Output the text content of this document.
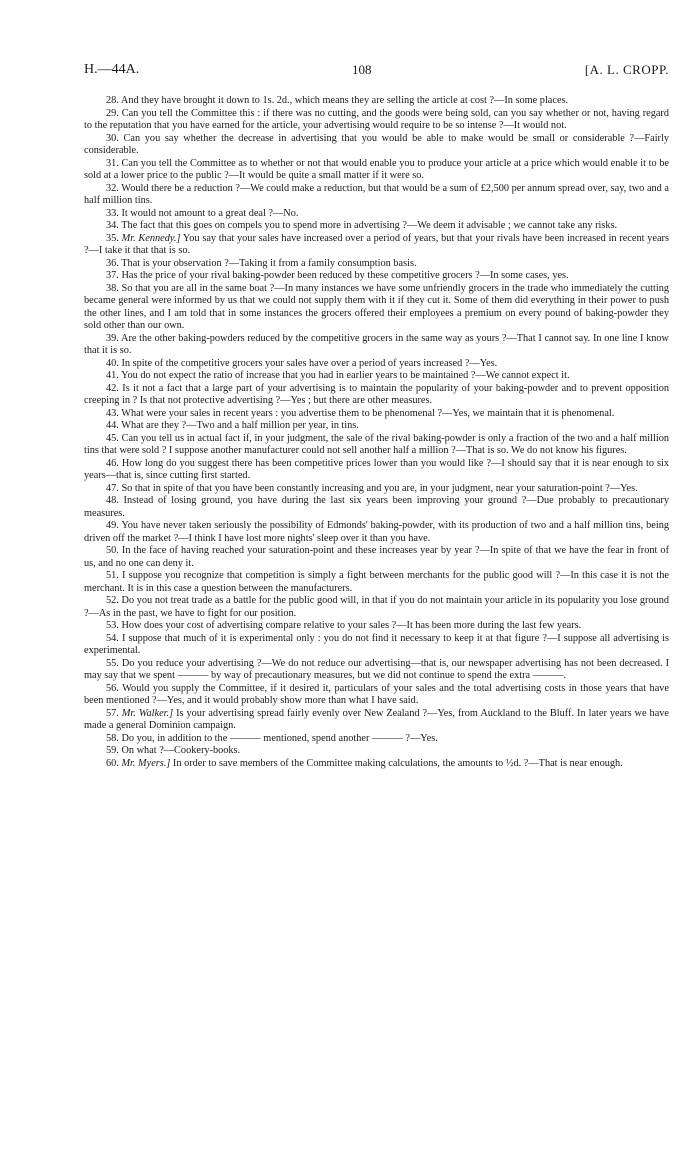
H.—44A.	108	[A. L. CROPP.

28. And they have brought it down to 1s. 2d., which means they are selling the article at cost ?—In some places.

29. Can you tell the Committee this : if there was no cutting, and the goods were being sold, can you say whether or not, having regard to the reputation that you have earned for the article, your advertising would require to be so intense ?—It would not.

30. Can you say whether the decrease in advertising that you would be able to make would be small or considerable ?—Fairly considerable.

31. Can you tell the Committee as to whether or not that would enable you to produce your article at a price which would enable it to be sold at a lower price to the public ?—It would be quite a small matter if it were so.

32. Would there be a reduction ?—We could make a reduction, but that would be a sum of £2,500 per annum spread over, say, two and a half million tins.

33. It would not amount to a great deal ?—No.

34. The fact that this goes on compels you to spend more in advertising ?—We deem it advisable ; we cannot take any risks.

35. Mr. Kennedy.] You say that your sales have increased over a period of years, but that your rivals have been increased in recent years ?—I take it that that is so.

36. That is your observation ?—Taking it from a family consumption basis.

37. Has the price of your rival baking-powder been reduced by these competitive grocers ?—In some cases, yes.

38. So that you are all in the same boat ?—In many instances we have some unfriendly grocers in the trade who immediately the cutting became general were informed by us that we could not supply them with it if they cut it. Some of them did everything in their power to push the other lines, and I am told that in some instances the grocers offered their employees a premium on every pound of baking-powder they sold other than our own.

39. Are the other baking-powders reduced by the competitive grocers in the same way as yours ?—That I cannot say. In one line I know that it is so.

40. In spite of the competitive grocers your sales have over a period of years increased ?—Yes.

41. You do not expect the ratio of increase that you had in earlier years to be maintained ?—We cannot expect it.

42. Is it not a fact that a large part of your advertising is to maintain the popularity of your baking-powder and to prevent opposition creeping in ? Is that not protective advertising ?—Yes ; but there are other measures.

43. What were your sales in recent years : you advertise them to be phenomenal ?—Yes, we maintain that it is phenomenal.

44. What are they ?—Two and a half million per year, in tins.

45. Can you tell us in actual fact if, in your judgment, the sale of the rival baking-powder is only a fraction of the two and a half million tins that were sold ? I suppose another manufacturer could not sell another half a million ?—That is so. We do not know his figures.

46. How long do you suggest there has been competitive prices lower than you would like ?—I should say that it is near enough to six years—that is, since cutting first started.

47. So that in spite of that you have been constantly increasing and you are, in your judgment, near your saturation-point ?—Yes.

48. Instead of losing ground, you have during the last six years been improving your ground ?—Due probably to precautionary measures.

49. You have never taken seriously the possibility of Edmonds' baking-powder, with its production of two and a half million tins, being driven off the market ?—I think I have lost more nights' sleep over it than you have.

50. In the face of having reached your saturation-point and these increases year by year ?—In spite of that we have the fear in front of us, and no one can deny it.

51. I suppose you recognize that competition is simply a fight between merchants for the public good will ?—In this case it is not the merchant. It is in this case a question between the manufacturers.

52. Do you not treat trade as a battle for the public good will, in that if you do not maintain your article in its popularity you lose ground ?—As in the past, we have to fight for our position.

53. How does your cost of advertising compare relative to your sales ?—It has been more during the last few years.

54. I suppose that much of it is experimental only : you do not find it necessary to keep it at that figure ?—I suppose all advertising is experimental.

55. Do you reduce your advertising ?—We do not reduce our advertising—that is, our newspaper advertising has not been decreased. I may say that we spent ——— by way of precautionary measures, but we did not continue to spend the extra ———.

56. Would you supply the Committee, if it desired it, particulars of your sales and the total advertising costs in those years that have been mentioned ?—Yes, and it would probably show more than what I have said.

57. Mr. Walker.] Is your advertising spread fairly evenly over New Zealand ?—Yes, from Auckland to the Bluff. In later years we have made a general Dominion campaign.

58. Do you, in addition to the ——— mentioned, spend another ——— ?—Yes.

59. On what ?—Cookery-books.

60. Mr. Myers.] In order to save members of the Committee making calculations, the amounts to ½d. ?—That is near enough.
